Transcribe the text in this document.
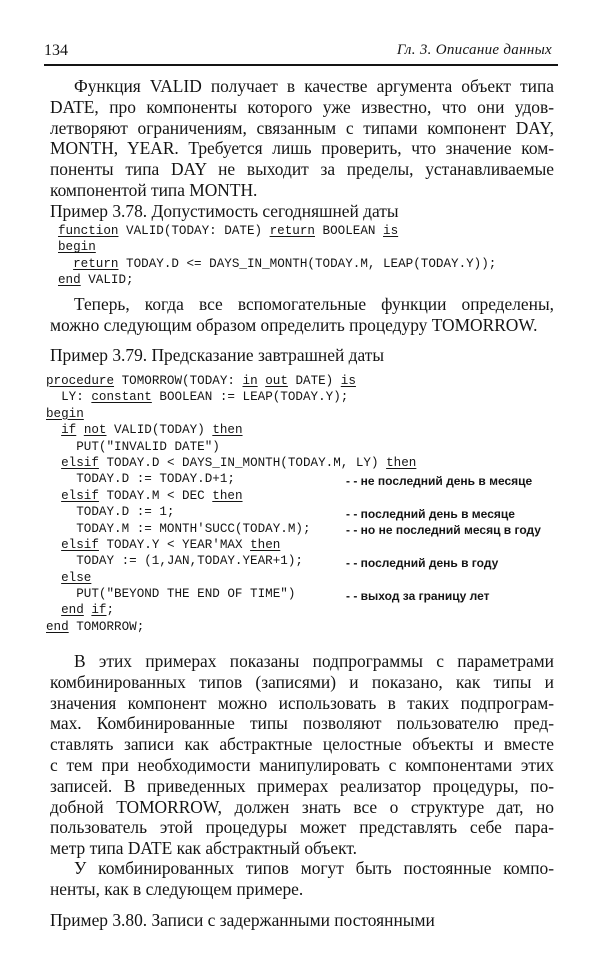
134	Гл. 3. Описание данных
Функция VALID получает в качестве аргумента объект типа
DATE, про компоненты которого уже известно, что они удов-
летворяют ограничениям, связанным с типами компонент DAY,
MONTH, YEAR. Требуется лишь проверить, что значение ком-
поненты типа DAY не выходит за пределы, устанавливаемые
компонентой типа MONTH.
Пример 3.78. Допустимость сегодняшней даты
function VALID(TODAY: DATE) return BOOLEAN is
begin
return TODAY.D <= DAYS_IN_MONTH(TODAY.M, LEAP(TODAY.Y));
end VALID;
Теперь, когда все вспомогательные функции определены,
можно следующим образом определить процедуру TOMORROW.
Пример 3.79. Предсказание завтрашней даты
procedure TOMORROW(TODAY: in out DATE) is
LY: constant BOOLEAN := LEAP(TODAY.Y);
begin
if not VALID(TODAY) then
PUT("INVALID DATE")
elsif TODAY.D < DAYS_IN_MONTH(TODAY.M, LY) then
TODAY.D := TODAY.D+1;
elsif TODAY.M < DEC then
TODAY.D := 1;
TODAY.M := MONTH'SUCC(TODAY.M);
elsif TODAY.Y < YEAR'MAX then
TODAY := (1,JAN,TODAY.YEAR+1);
else
PUT("BEYOND THE END OF TIME")
end if;
end TOMORROW;
- - не последний день в месяце
- - последний день в месяце
- - но не последний месяц в году
- - последний день в году
- - выход за границу лет
В этих примерах показаны подпрограммы с параметрами
комбинированных типов (записями) и показано, как типы и
значения компонент можно использовать в таких подпрограм-
мах. Комбинированные типы позволяют пользователю пред-
ставлять записи как абстрактные целостные объекты и вместе
с тем при необходимости манипулировать с компонентами этих
записей. В приведенных примерах реализатор процедуры, по-
добной TOMORROW, должен знать все о структуре дат, но
пользователь этой процедуры может представлять себе пара-
метр типа DATE как абстрактный объект.
У комбинированных типов могут быть постоянные компо-
ненты, как в следующем примере.
Пример 3.80. Записи с задержанными постоянными
